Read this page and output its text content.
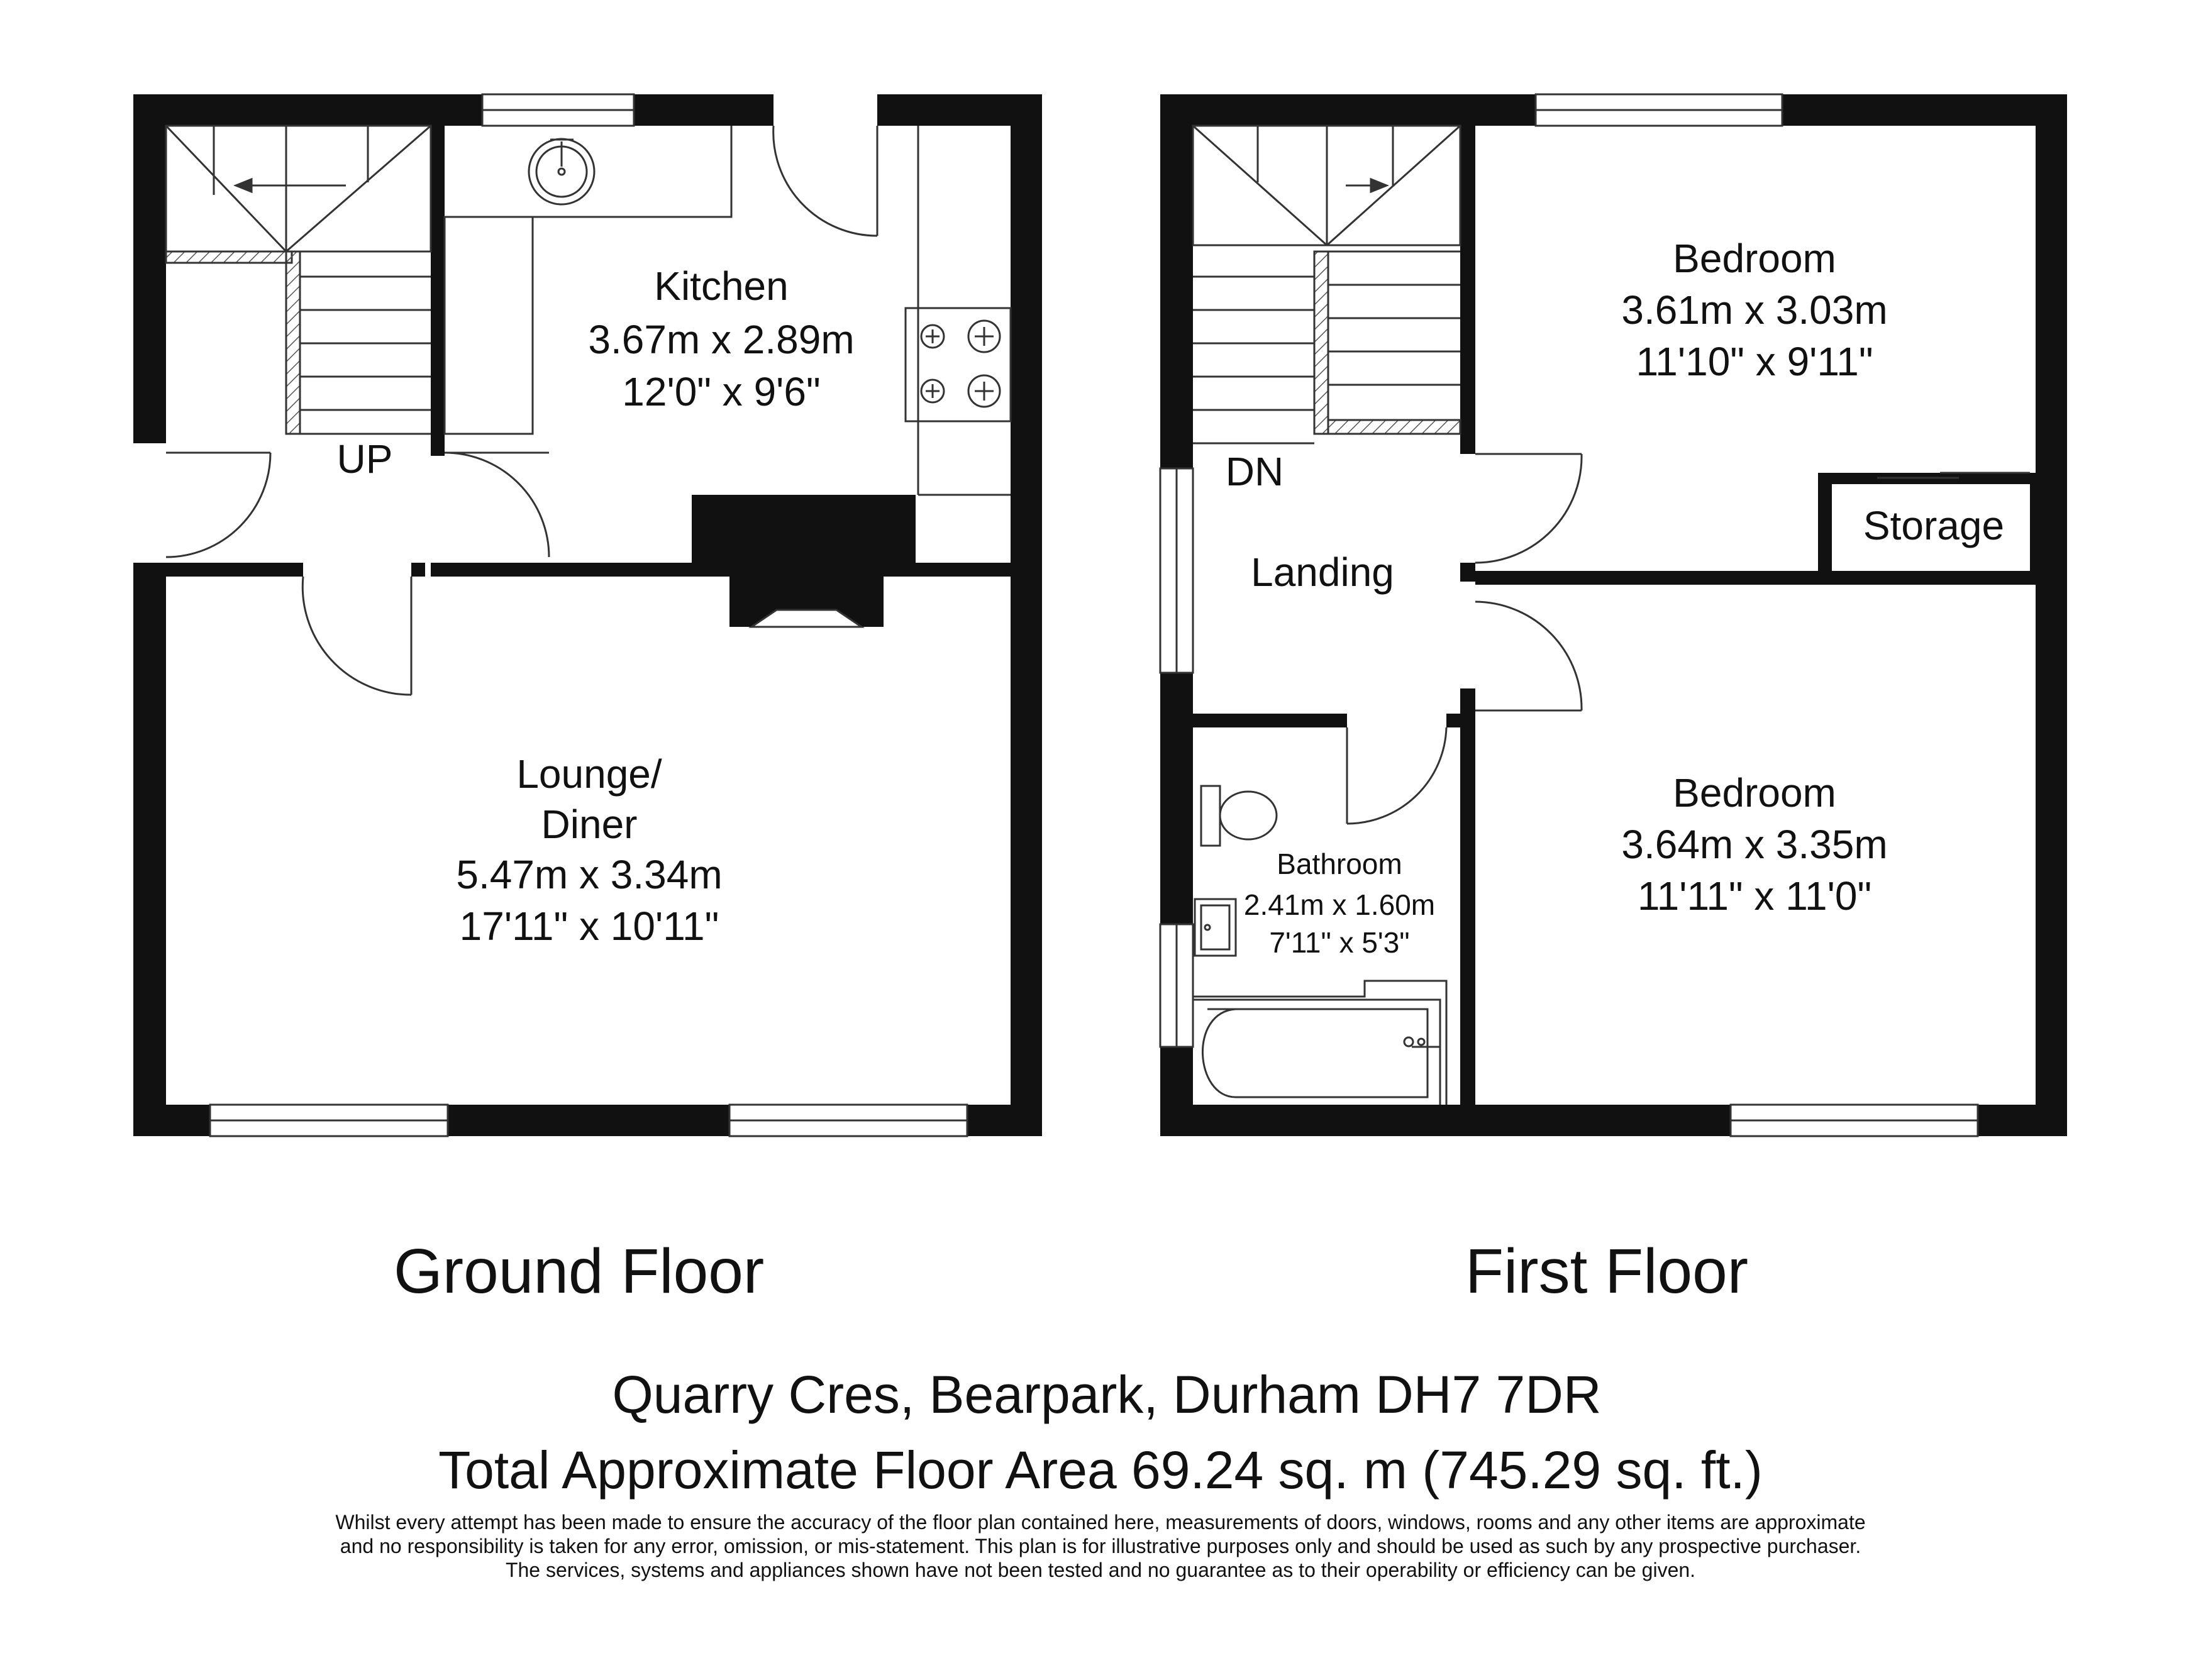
Kitchen
3.67m x 2.89m
12'0" x 9'6"
UP
Lounge/
Diner
5.47m x 3.34m
17'11" x 10'11"
Bedroom
3.61m x 3.03m
11'10" x 9'11"
DN
Landing
Storage
Bedroom
3.64m x 3.35m
11'11" x 11'0"
Bathroom
2.41m x 1.60m
7'11" x 5'3"
Ground Floor	First Floor
Quarry Cres, Bearpark, Durham DH7 7DR
Total Approximate Floor Area 69.24 sq. m (745.29 sq. ft.)
Whilst every attempt has been made to ensure the accuracy of the floor plan contained here, measurements of doors, windows, rooms and any other items are approximate
and no responsibility is taken for any error, omission, or mis-statement. This plan is for illustrative purposes only and should be used as such by any prospective purchaser.
The services, systems and appliances shown have not been tested and no guarantee as to their operability or efficiency can be given.
